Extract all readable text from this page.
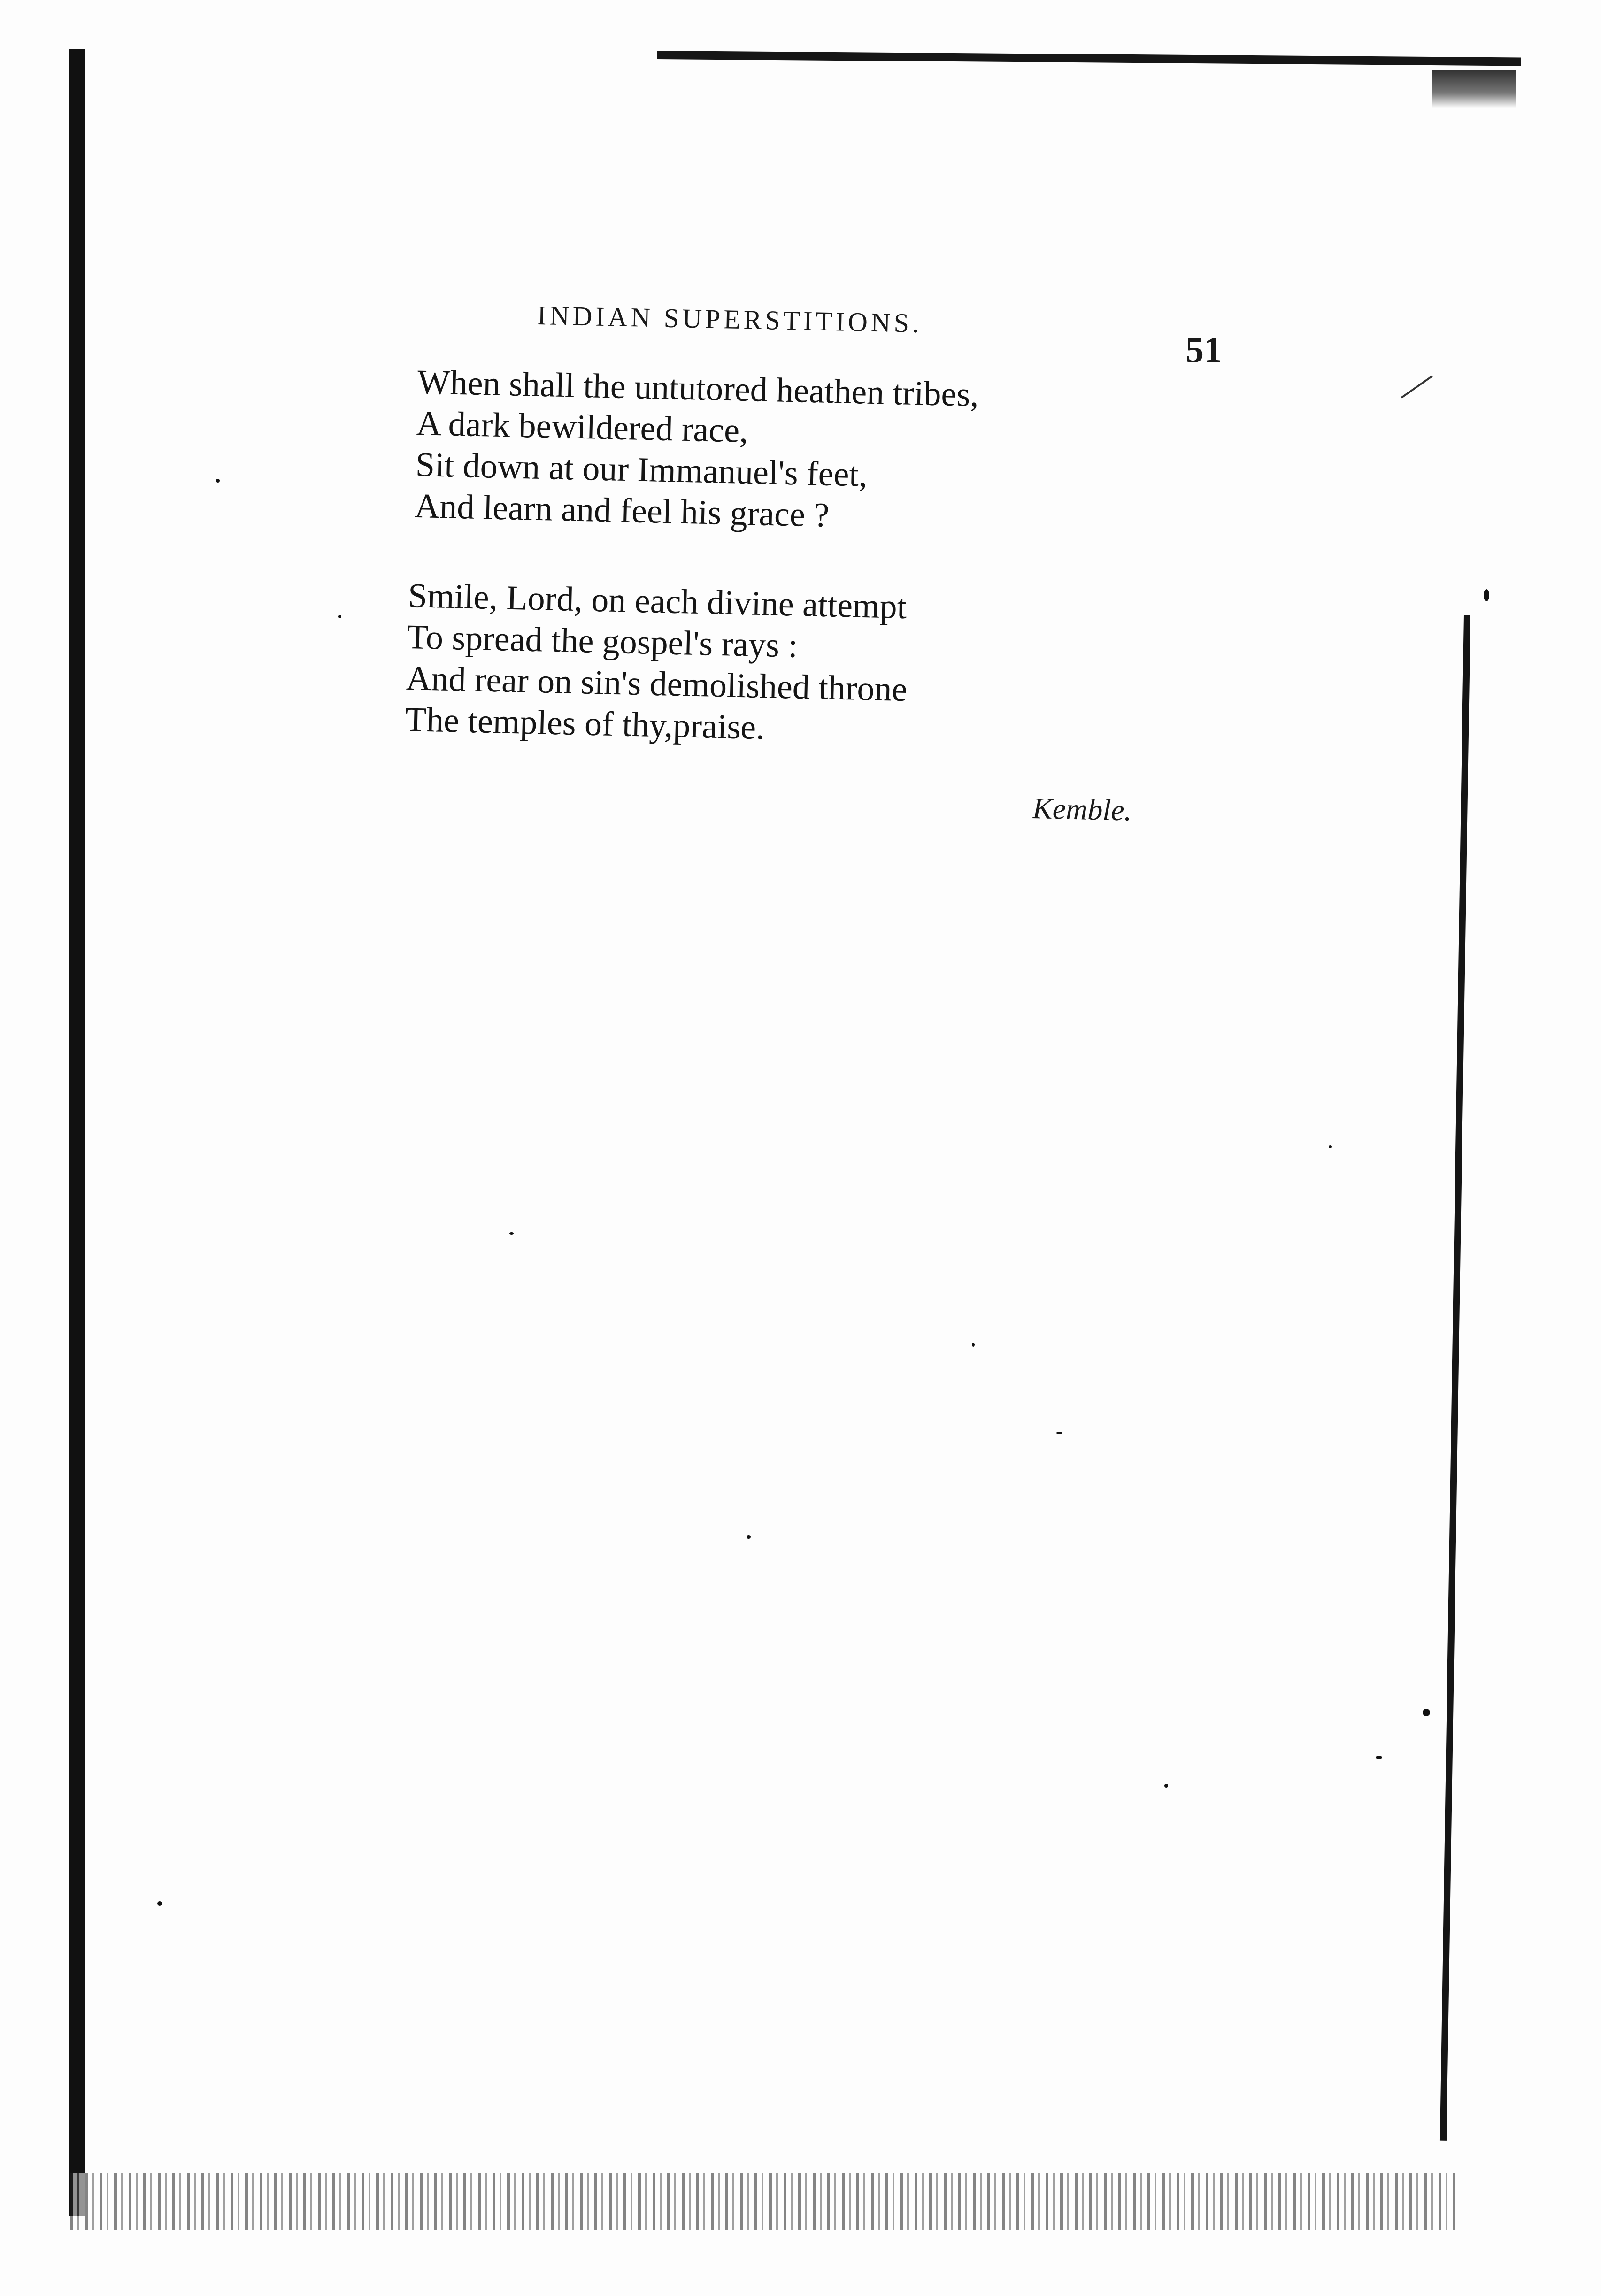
INDIAN SUPERSTITIONS.
51
When shall the untutored heathen tribes,
A dark bewildered race,
Sit down at our Immanuel's feet,
And learn and feel his grace ?
Smile, Lord, on each divine attempt
To spread the gospel's rays :
And rear on sin's demolished throne
The temples of thy,praise.
Kemble.
